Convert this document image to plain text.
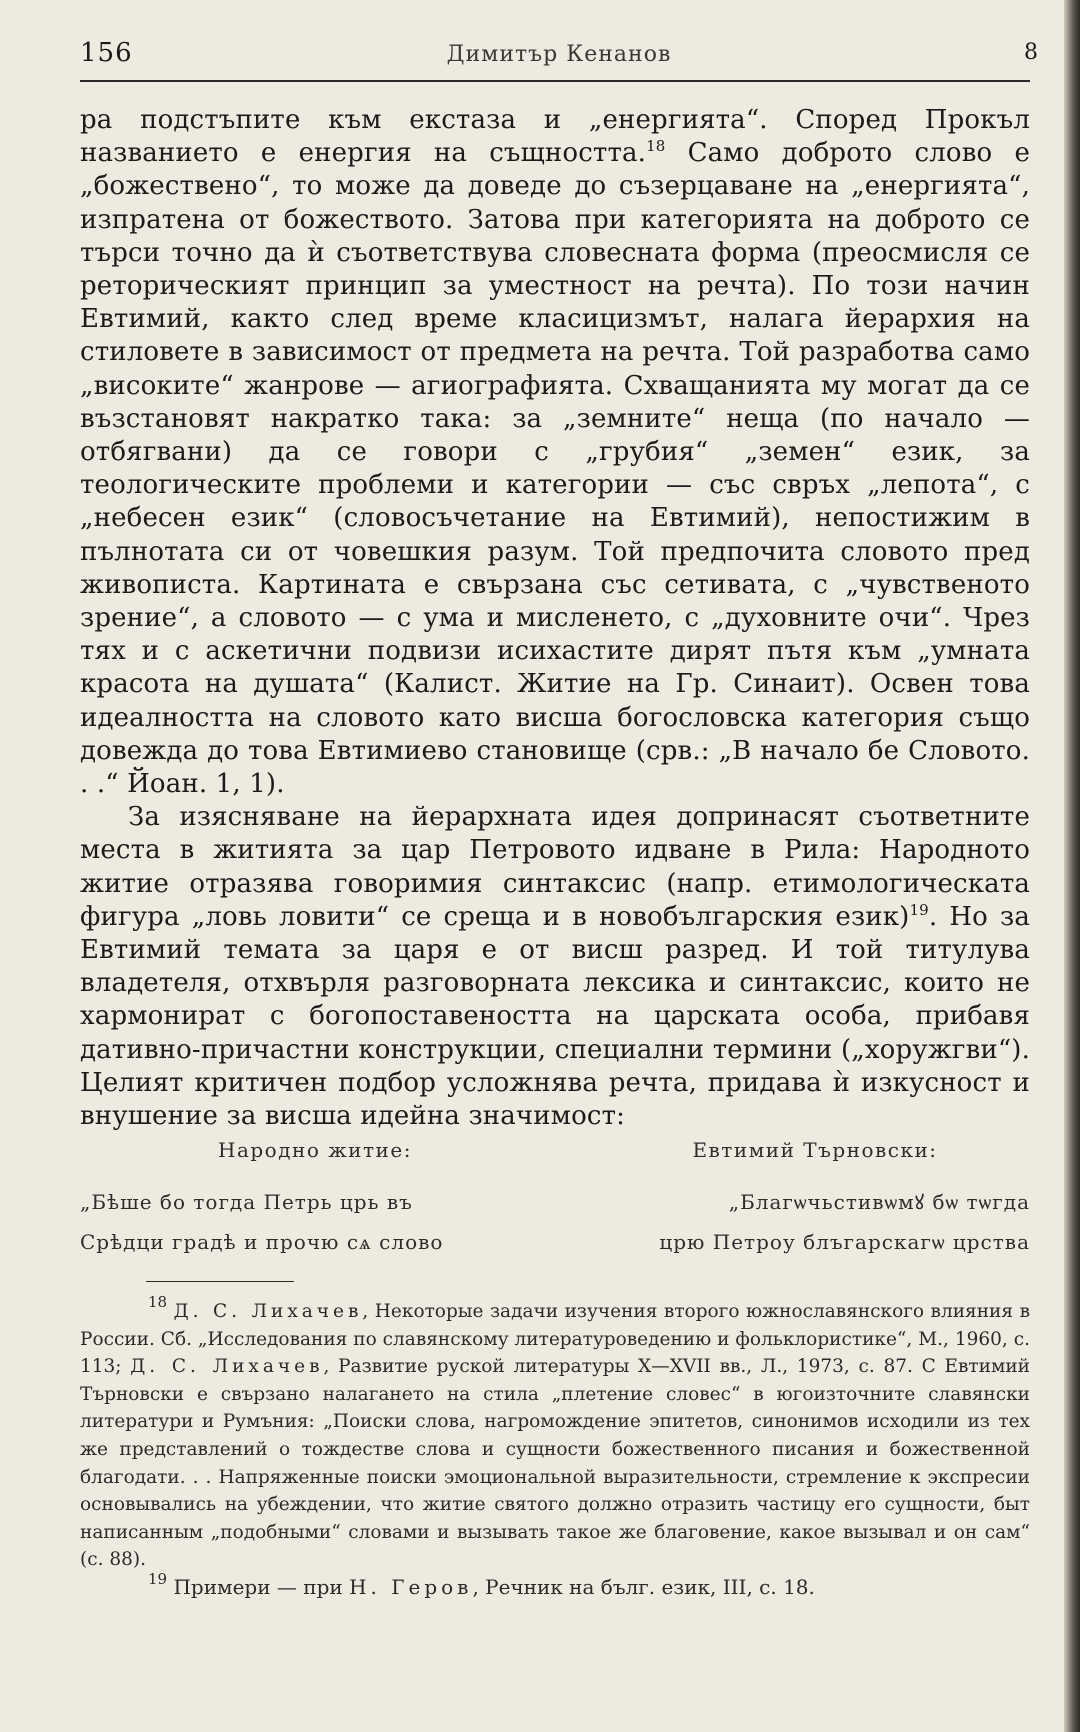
156	Димитър Кенанов	8

ра подстъпите към екстаза и „енергията“. Според Прокъл названието е енергия на същността.$^{18}$ Само доброто слово е „божествено“, то може да доведе до съзерцаване на „енергията“, изпратена от божеството. Затова при категорията на доброто се търси точно да ѝ съответствува словесната форма (преосмисля се реторическият принцип за уместност на речта). По този начин Евтимий, както след време класицизмът, налага йерархия на стиловете в зависимост от предмета на речта. Той разработва само „високите“ жанрове — агиографията. Схващанията му могат да се възстановят накратко така: за „земните“ неща (по начало — отбягвани) да се говори с „грубия“ „земен“ език, за теологическите проблеми и категории — със свръх „лепота“, с „небесен език“ (словосъчетание на Евтимий), непостижим в пълнотата си от човешкия разум. Той предпочита словото пред живописта. Картината е свързана със сетивата, с „чувственото зрение“, а словото — с ума и мисленето, с „духовните очи“. Чрез тях и с аскетични подвизи исихастите дирят пътя към „умната красота на душата“ (Калист. Житие на Гр. Синаит). Освен това идеалността на словото като висша богословска категория също довежда до това Евтимиево становище (срв.: „В начало бе Словото. . .“ Йоан. 1, 1).

За изясняване на йерархната идея допринасят съответните места в житията за цар Петровото идване в Рила: Народното житие отразява говоримия синтаксис (напр. етимологическата фигура „ловь ловити“ се среща и в новобългарския език)$^{19}$. Но за Евтимий темата за царя е от висш разред. И той титулува владетеля, отхвърля разговорната лексика и синтаксис, които не хармонират с богопоставеността на царската особа, прибавя дативно-причастни конструкции, специални термини („хоружгви“). Целият критичен подбор усложнява речта, придава ѝ изкусност и внушение за висша идейна значимост:

Народно житие:
„Бѣше бо тогда Петрь црь въ
Срѣдци градѣ и прочю сѧ слово
Евтимий Търновски:
„Благѡчьстивѡмꙋ бѡ тѡгда
црю Петроу блъгарскагѡ црства

$^{18}$ Д. С. Лихачев, Некоторые задачи изучения второго южнославянского влияния в России. Сб. „Исследования по славянскому литературоведению и фольклористике“, М., 1960, с. 113; Д. С. Лихачев, Развитие руской литературы Х—ХVII вв., Л., 1973, с. 87. С Евтимий Търновски е свързано налагането на стила „плетение словес“ в югоизточните славянски литератури и Румъния: „Поиски слова, нагромождение эпитетов, синонимов исходили из тех же представлений о тождестве слова и сущности божественного писания и божественной благодати. . . Напряженные поиски эмоциональной выразительности, стремление к экспресии основывались на убеждении, что житие святого должно отразить частицу его сущности, быт написанным „подобными“ словами и вызывать такое же благовение, какое вызывал и он сам“ (с. 88).

$^{19}$ Примери — при Н. Геров, Речник на бълг. език, III, с. 18.
